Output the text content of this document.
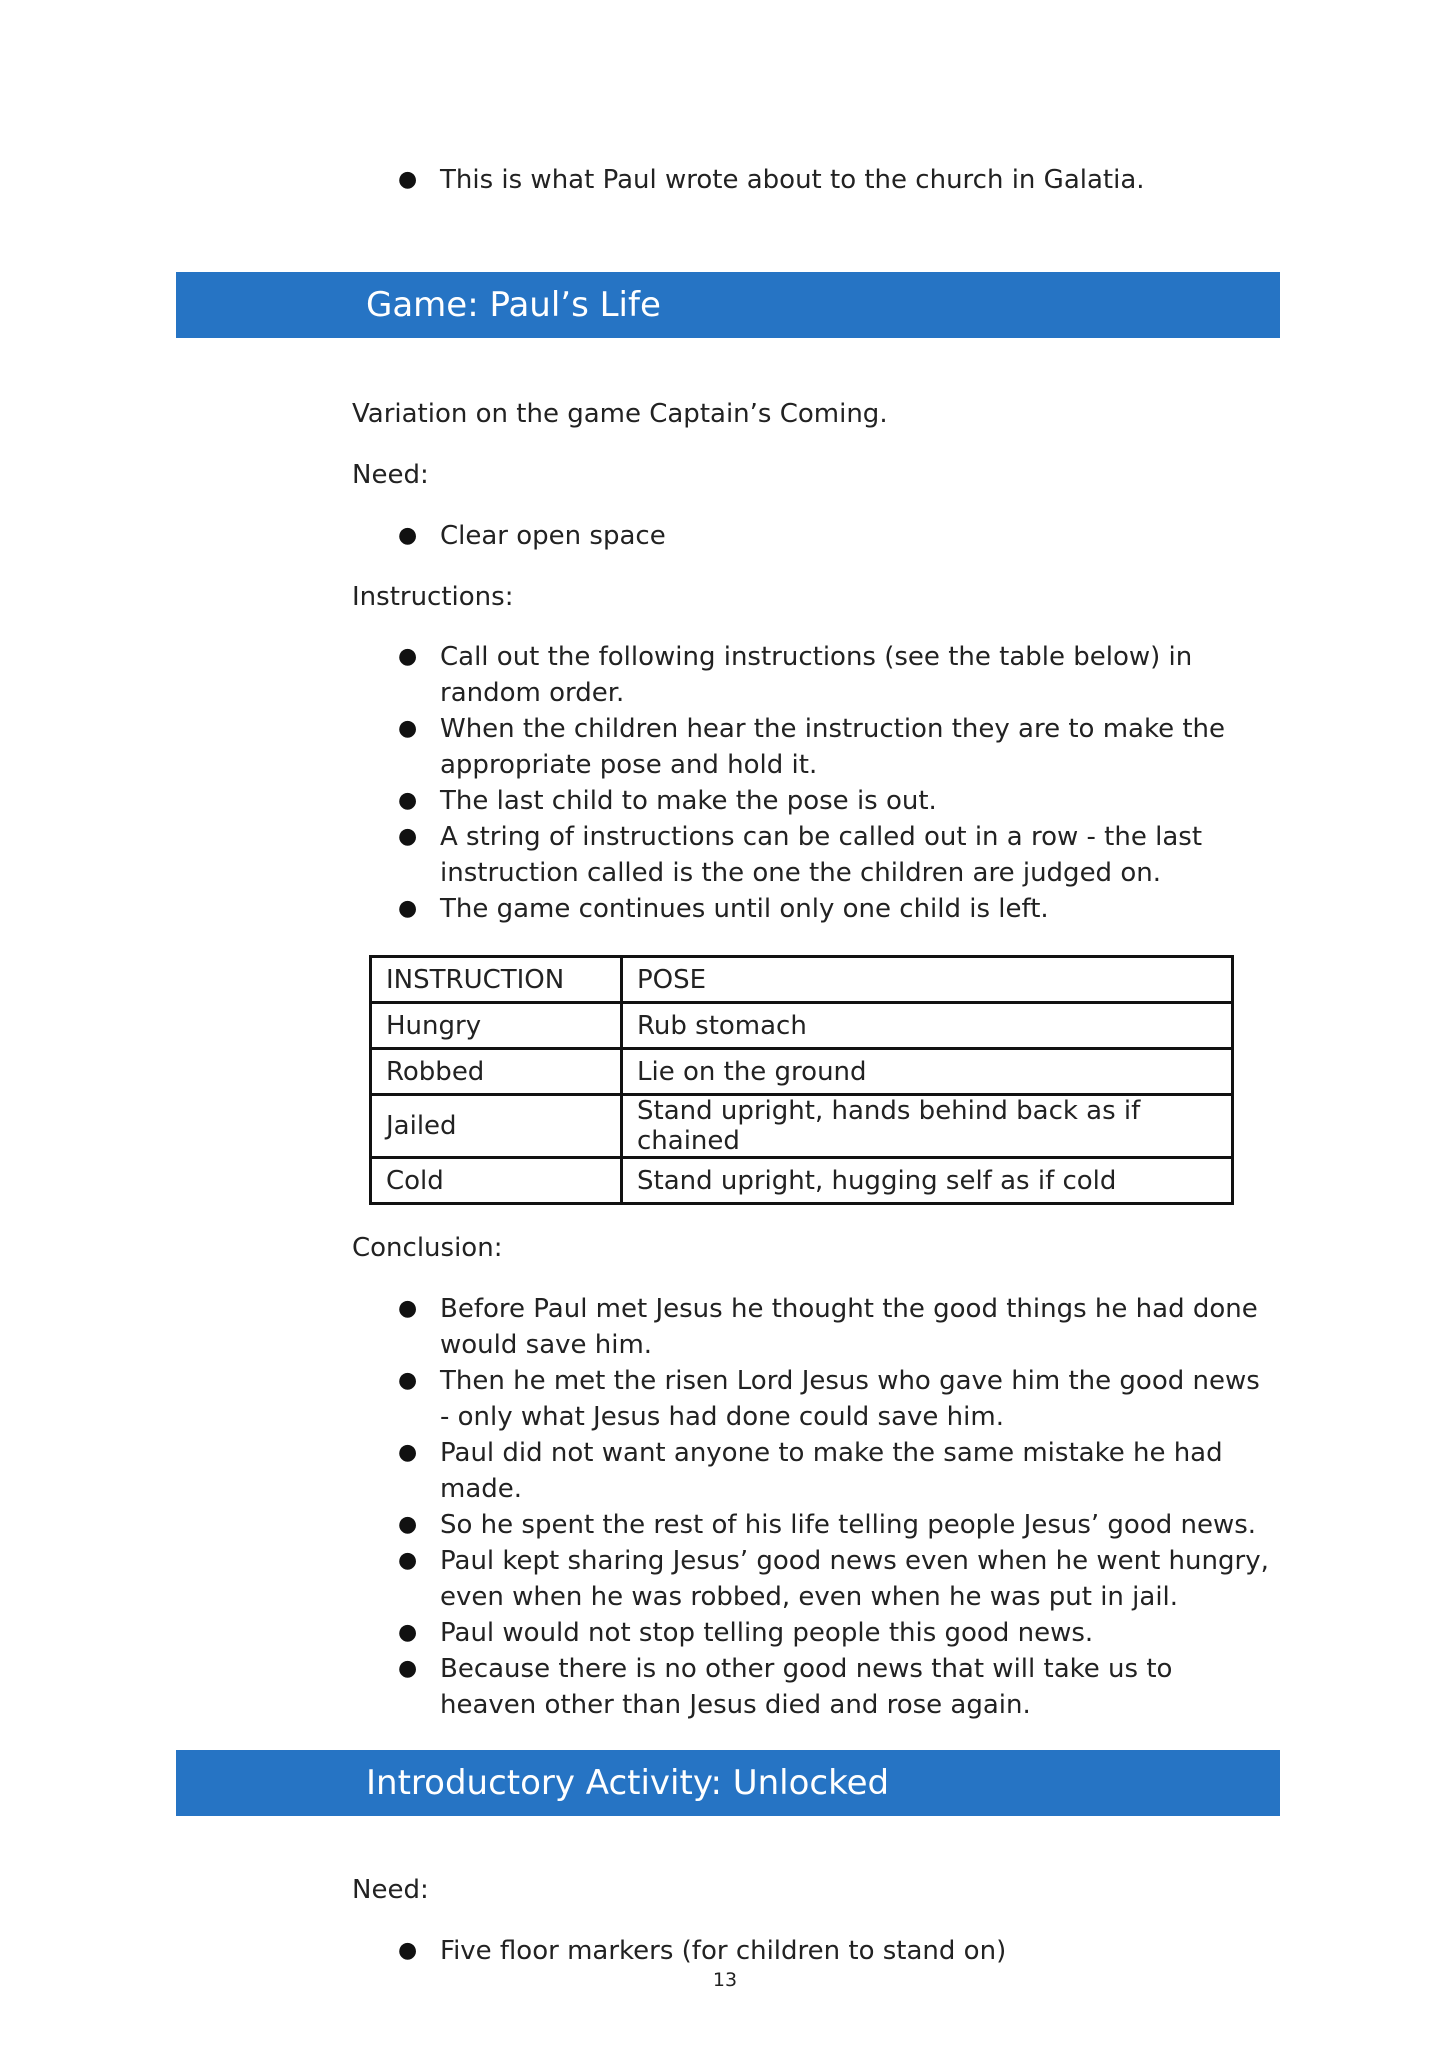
● This is what Paul wrote about to the church in Galatia.
Game: Paul’s Life
Variation on the game Captain’s Coming.
Need:
● Clear open space
Instructions:
● Call out the following instructions (see the table below) in random order.
● When the children hear the instruction they are to make the appropriate pose and hold it.
● The last child to make the pose is out.
● A string of instructions can be called out in a row - the last instruction called is the one the children are judged on.
● The game continues until only one child is left.
INSTRUCTION	POSE
Hungry	Rub stomach
Robbed	Lie on the ground
Jailed	Stand upright, hands behind back as if chained
Cold	Stand upright, hugging self as if cold
Conclusion:
● Before Paul met Jesus he thought the good things he had done would save him.
● Then he met the risen Lord Jesus who gave him the good news - only what Jesus had done could save him.
● Paul did not want anyone to make the same mistake he had made.
● So he spent the rest of his life telling people Jesus’ good news.
● Paul kept sharing Jesus’ good news even when he went hungry, even when he was robbed, even when he was put in jail.
● Paul would not stop telling people this good news.
● Because there is no other good news that will take us to heaven other than Jesus died and rose again.
Introductory Activity: Unlocked
Need:
● Five floor markers (for children to stand on)
13
